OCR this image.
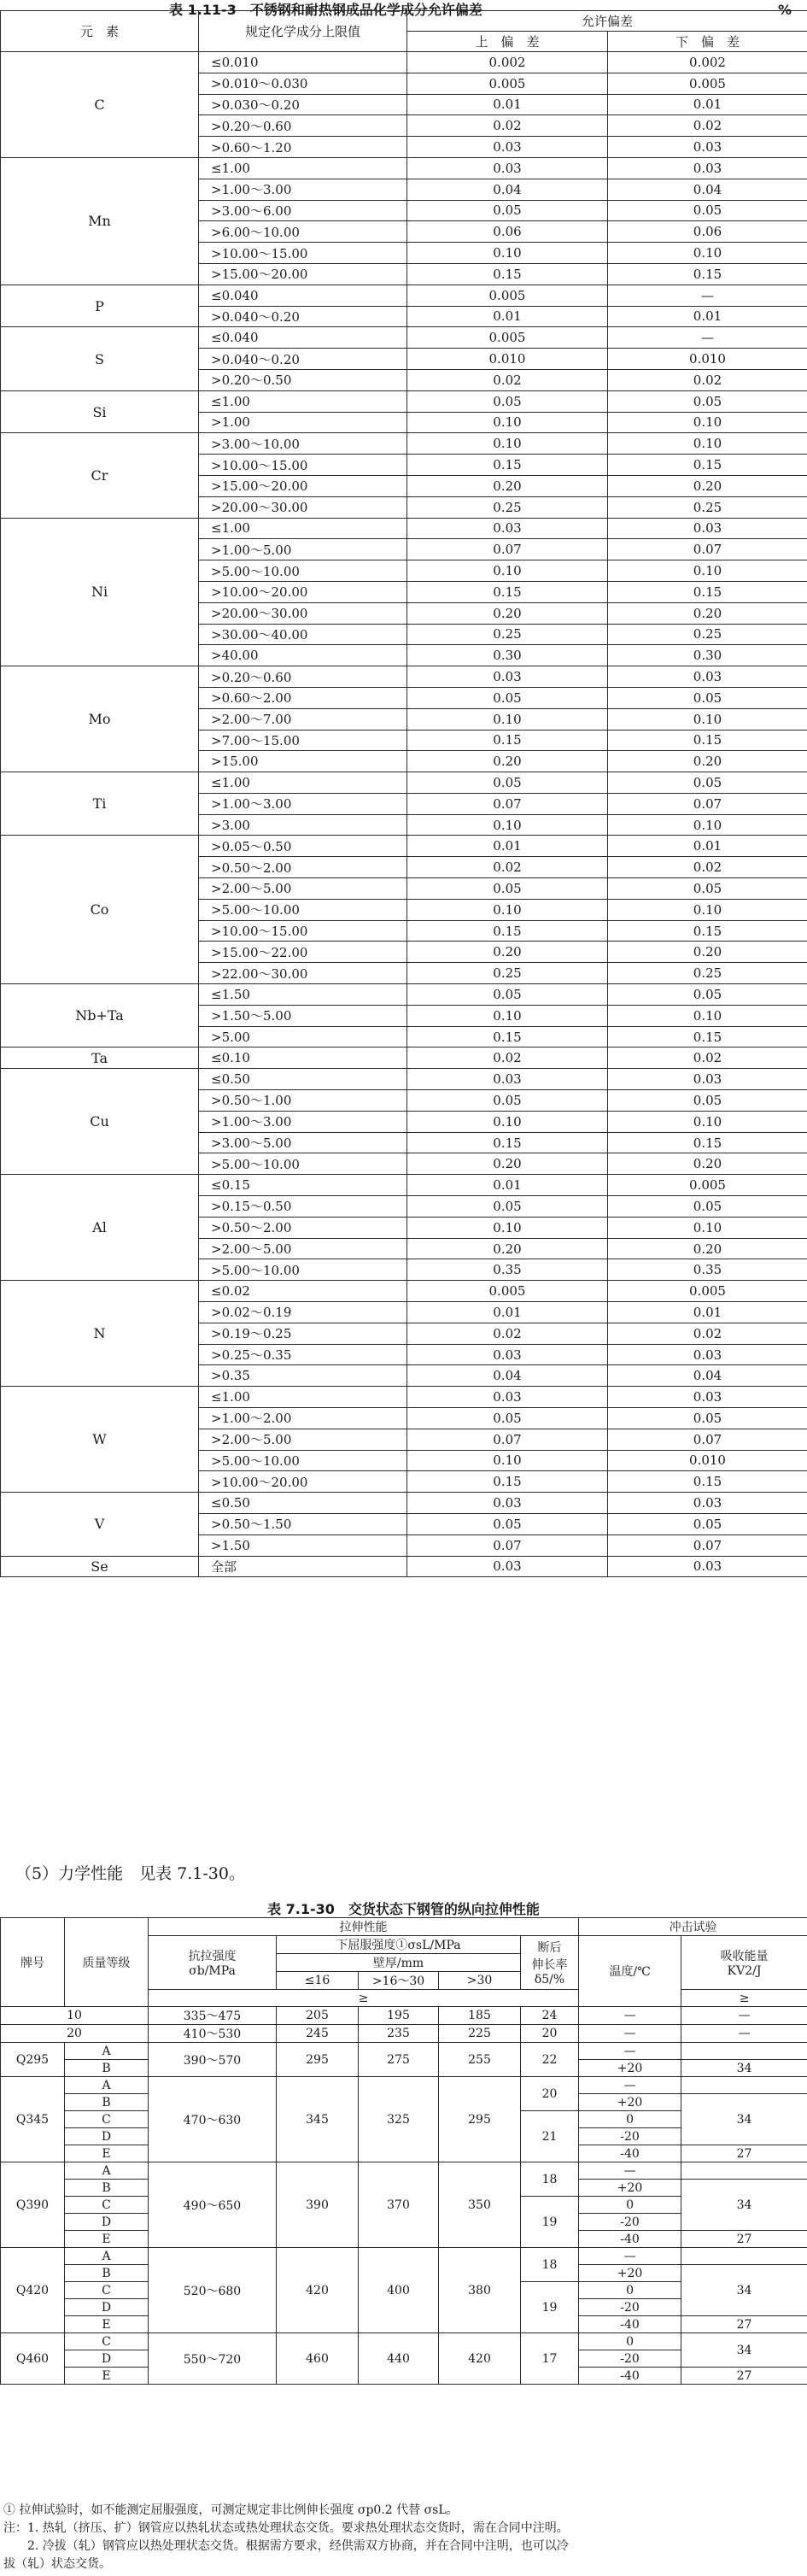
表 1.11-3　不锈钢和耐热钢成品化学成分允许偏差	%
元　素	规定化学成分上限值	允许偏差	
		上　偏　差	下　偏　差
C	≤0.010	0.002	0.002
	>0.010～0.030	0.005	0.005
	>0.030～0.20	0.01	0.01
	>0.20～0.60	0.02	0.02
	>0.60～1.20	0.03	0.03
Mn	≤1.00	0.03	0.03
	>1.00～3.00	0.04	0.04
	>3.00～6.00	0.05	0.05
	>6.00～10.00	0.06	0.06
	>10.00～15.00	0.10	0.10
	>15.00～20.00	0.15	0.15
P	≤0.040	0.005	—
	>0.040～0.20	0.01	0.01
S	≤0.040	0.005	—
	>0.040～0.20	0.010	0.010
	>0.20～0.50	0.02	0.02
Si	≤1.00	0.05	0.05
	>1.00	0.10	0.10
Cr	>3.00～10.00	0.10	0.10
	>10.00～15.00	0.15	0.15
	>15.00～20.00	0.20	0.20
	>20.00～30.00	0.25	0.25
Ni	≤1.00	0.03	0.03
	>1.00～5.00	0.07	0.07
	>5.00～10.00	0.10	0.10
	>10.00～20.00	0.15	0.15
	>20.00～30.00	0.20	0.20
	>30.00～40.00	0.25	0.25
	>40.00	0.30	0.30
Mo	>0.20～0.60	0.03	0.03
	>0.60～2.00	0.05	0.05
	>2.00～7.00	0.10	0.10
	>7.00～15.00	0.15	0.15
	>15.00	0.20	0.20
Ti	≤1.00	0.05	0.05
	>1.00～3.00	0.07	0.07
	>3.00	0.10	0.10
Co	>0.05～0.50	0.01	0.01
	>0.50～2.00	0.02	0.02
	>2.00～5.00	0.05	0.05
	>5.00～10.00	0.10	0.10
	>10.00～15.00	0.15	0.15
	>15.00～22.00	0.20	0.20
	>22.00～30.00	0.25	0.25
Nb+Ta	≤1.50	0.05	0.05
	>1.50～5.00	0.10	0.10
	>5.00	0.15	0.15
Ta	≤0.10	0.02	0.02
Cu	≤0.50	0.03	0.03
	>0.50～1.00	0.05	0.05
	>1.00～3.00	0.10	0.10
	>3.00～5.00	0.15	0.15
	>5.00～10.00	0.20	0.20
Al	≤0.15	0.01	0.005
	>0.15～0.50	0.05	0.05
	>0.50～2.00	0.10	0.10
	>2.00～5.00	0.20	0.20
	>5.00～10.00	0.35	0.35
N	≤0.02	0.005	0.005
	>0.02～0.19	0.01	0.01
	>0.19～0.25	0.02	0.02
	>0.25～0.35	0.03	0.03
	>0.35	0.04	0.04
W	≤1.00	0.03	0.03
	>1.00～2.00	0.05	0.05
	>2.00～5.00	0.07	0.07
	>5.00～10.00	0.10	0.010
	>10.00～20.00	0.15	0.15
V	≤0.50	0.03	0.03
	>0.50～1.50	0.05	0.05
	>1.50	0.07	0.07
Se	全部	0.03	0.03
（5）力学性能　见表 7.1-30。
表 7.1-30　交货状态下钢管的纵向拉伸性能
牌号	质量等级	拉伸性能					冲击试验	
		抗拉强度
σb/MPa	下屈服强度①σsL/MPa			断后
伸长率
δ5/%	温度/℃	吸收能量
KV2/J
			壁厚/mm					
			≤16	>16～30	>30			
		≥						≥
10		335～475	205	195	185	24	—	—
20		410～530	245	235	225	20	—	—
Q295	A	390～570	295	275	255	22	—	
	B						+20	34
Q345	A	470～630	345	325	295	20	—	
	B						+20	34
	C					21	0	
	D						-20	
	E						-40	27
Q390	A	490～650	390	370	350	18	—	
	B						+20	34
	C					19	0	
	D						-20	
	E						-40	27
Q420	A	520～680	420	400	380	18	—	
	B						+20	34
	C					19	0	
	D						-20	
	E						-40	27
Q460	C	550～720	460	440	420	17	0	34
	D						-20	
	E						-40	27

① 拉伸试验时，如不能测定屈服强度，可测定规定非比例伸长强度 σp0.2 代替 σsL。

注：1. 热轧（挤压、扩）钢管应以热轧状态或热处理状态交货。要求热处理状态交货时，需在合同中注明。

　　2. 冷拔（轧）钢管应以热处理状态交货。根据需方要求，经供需双方协商，并在合同中注明，也可以冷

拔（轧）状态交货。
